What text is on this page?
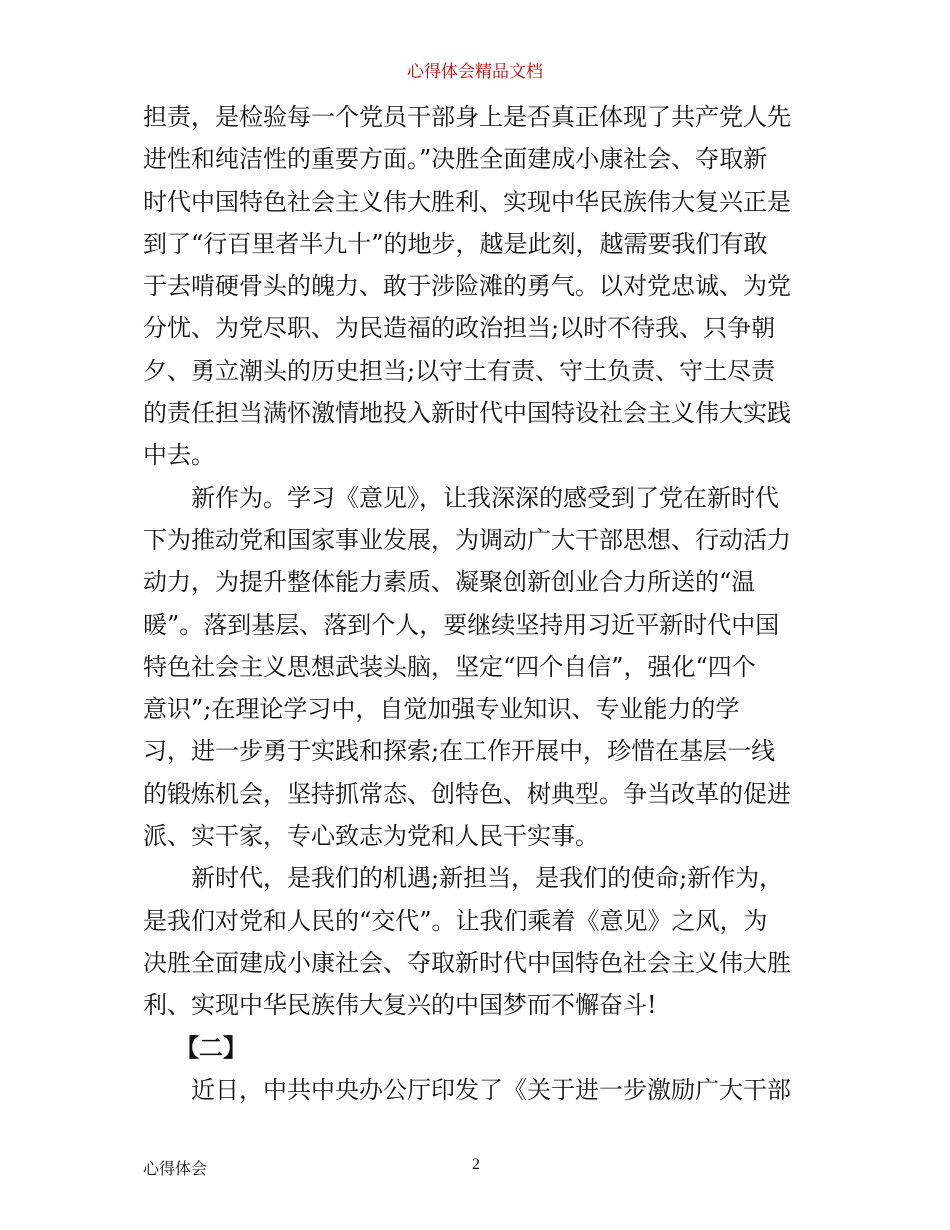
心得体会精品文档
担责，是检验每一个党员干部身上是否真正体现了共产党人先
进性和纯洁性的重要方面。”决胜全面建成小康社会、夺取新
时代中国特色社会主义伟大胜利、实现中华民族伟大复兴正是
到了“行百里者半九十”的地步，越是此刻，越需要我们有敢
于去啃硬骨头的魄力、敢于涉险滩的勇气。以对党忠诚、为党
分忧、为党尽职、为民造福的政治担当;以时不待我、只争朝
夕、勇立潮头的历史担当;以守土有责、守土负责、守土尽责
的责任担当满怀激情地投入新时代中国特设社会主义伟大实践
中去。
新作为。学习《意见》，让我深深的感受到了党在新时代
下为推动党和国家事业发展，为调动广大干部思想、行动活力
动力，为提升整体能力素质、凝聚创新创业合力所送的“温
暖”。落到基层、落到个人，要继续坚持用习近平新时代中国
特色社会主义思想武装头脑，坚定“四个自信”，强化“四个
意识”;在理论学习中，自觉加强专业知识、专业能力的学
习，进一步勇于实践和探索;在工作开展中，珍惜在基层一线
的锻炼机会，坚持抓常态、创特色、树典型。争当改革的促进
派、实干家，专心致志为党和人民干实事。
新时代，是我们的机遇;新担当，是我们的使命;新作为，
是我们对党和人民的“交代”。让我们乘着《意见》之风，为
决胜全面建成小康社会、夺取新时代中国特色社会主义伟大胜
利、实现中华民族伟大复兴的中国梦而不懈奋斗!
【二】
近日，中共中央办公厅印发了《关于进一步激励广大干部
心得体会	2
